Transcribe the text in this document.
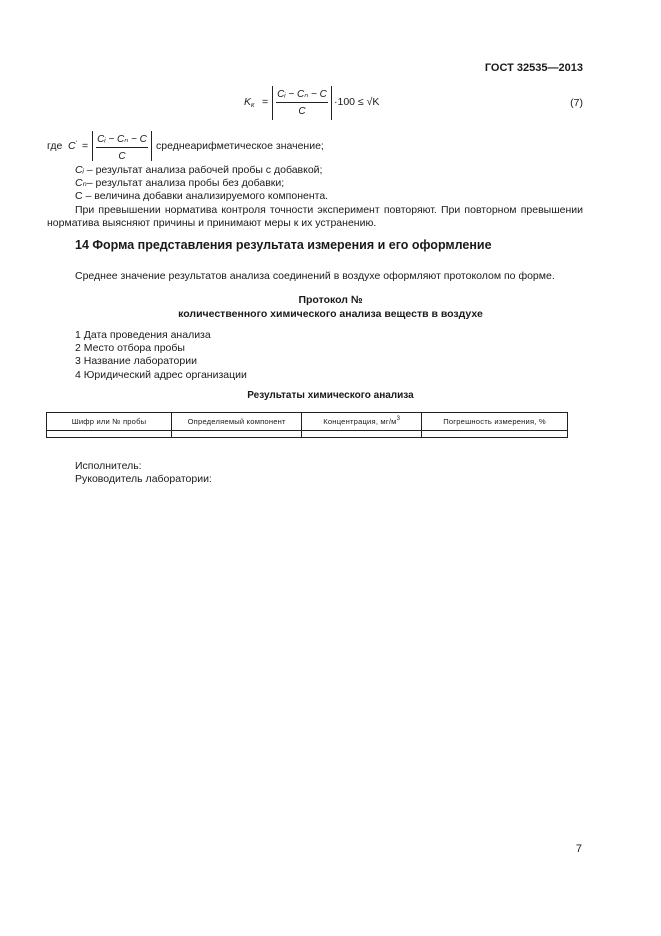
ГОСТ 32535—2013
$K_к$ =
Cᵢ − Cₙ − C
C
·100 ≤ √K	(7)
где $C^ʹ$ =
Cᵢ − Cₙ − C
C
среднеарифметическое значение;
Cᵢ – результат анализа рабочей пробы с добавкой;
Cₙ– результат анализа пробы без добавки;
С – величина добавки анализируемого компонента.
При превышении норматива контроля точности эксперимент повторяют. При повторном превышении норматива выясняют причины и принимают меры к их устранению.
14 Форма представления результата измерения и его оформление
Среднее значение результатов анализа соединений в воздухе оформляют протоколом по форме.
Протокол №
количественного химического анализа веществ в воздухе
1 Дата проведения анализа
2 Место отбора пробы
3 Название лаборатории
4 Юридический адрес организации
Результаты химического анализа
Шифр или № пробы	Определяемый компонент	Концентрация, $мг/м^3$	Погрешность измерения, %

Исполнитель:
Руководитель лаборатории:
7
